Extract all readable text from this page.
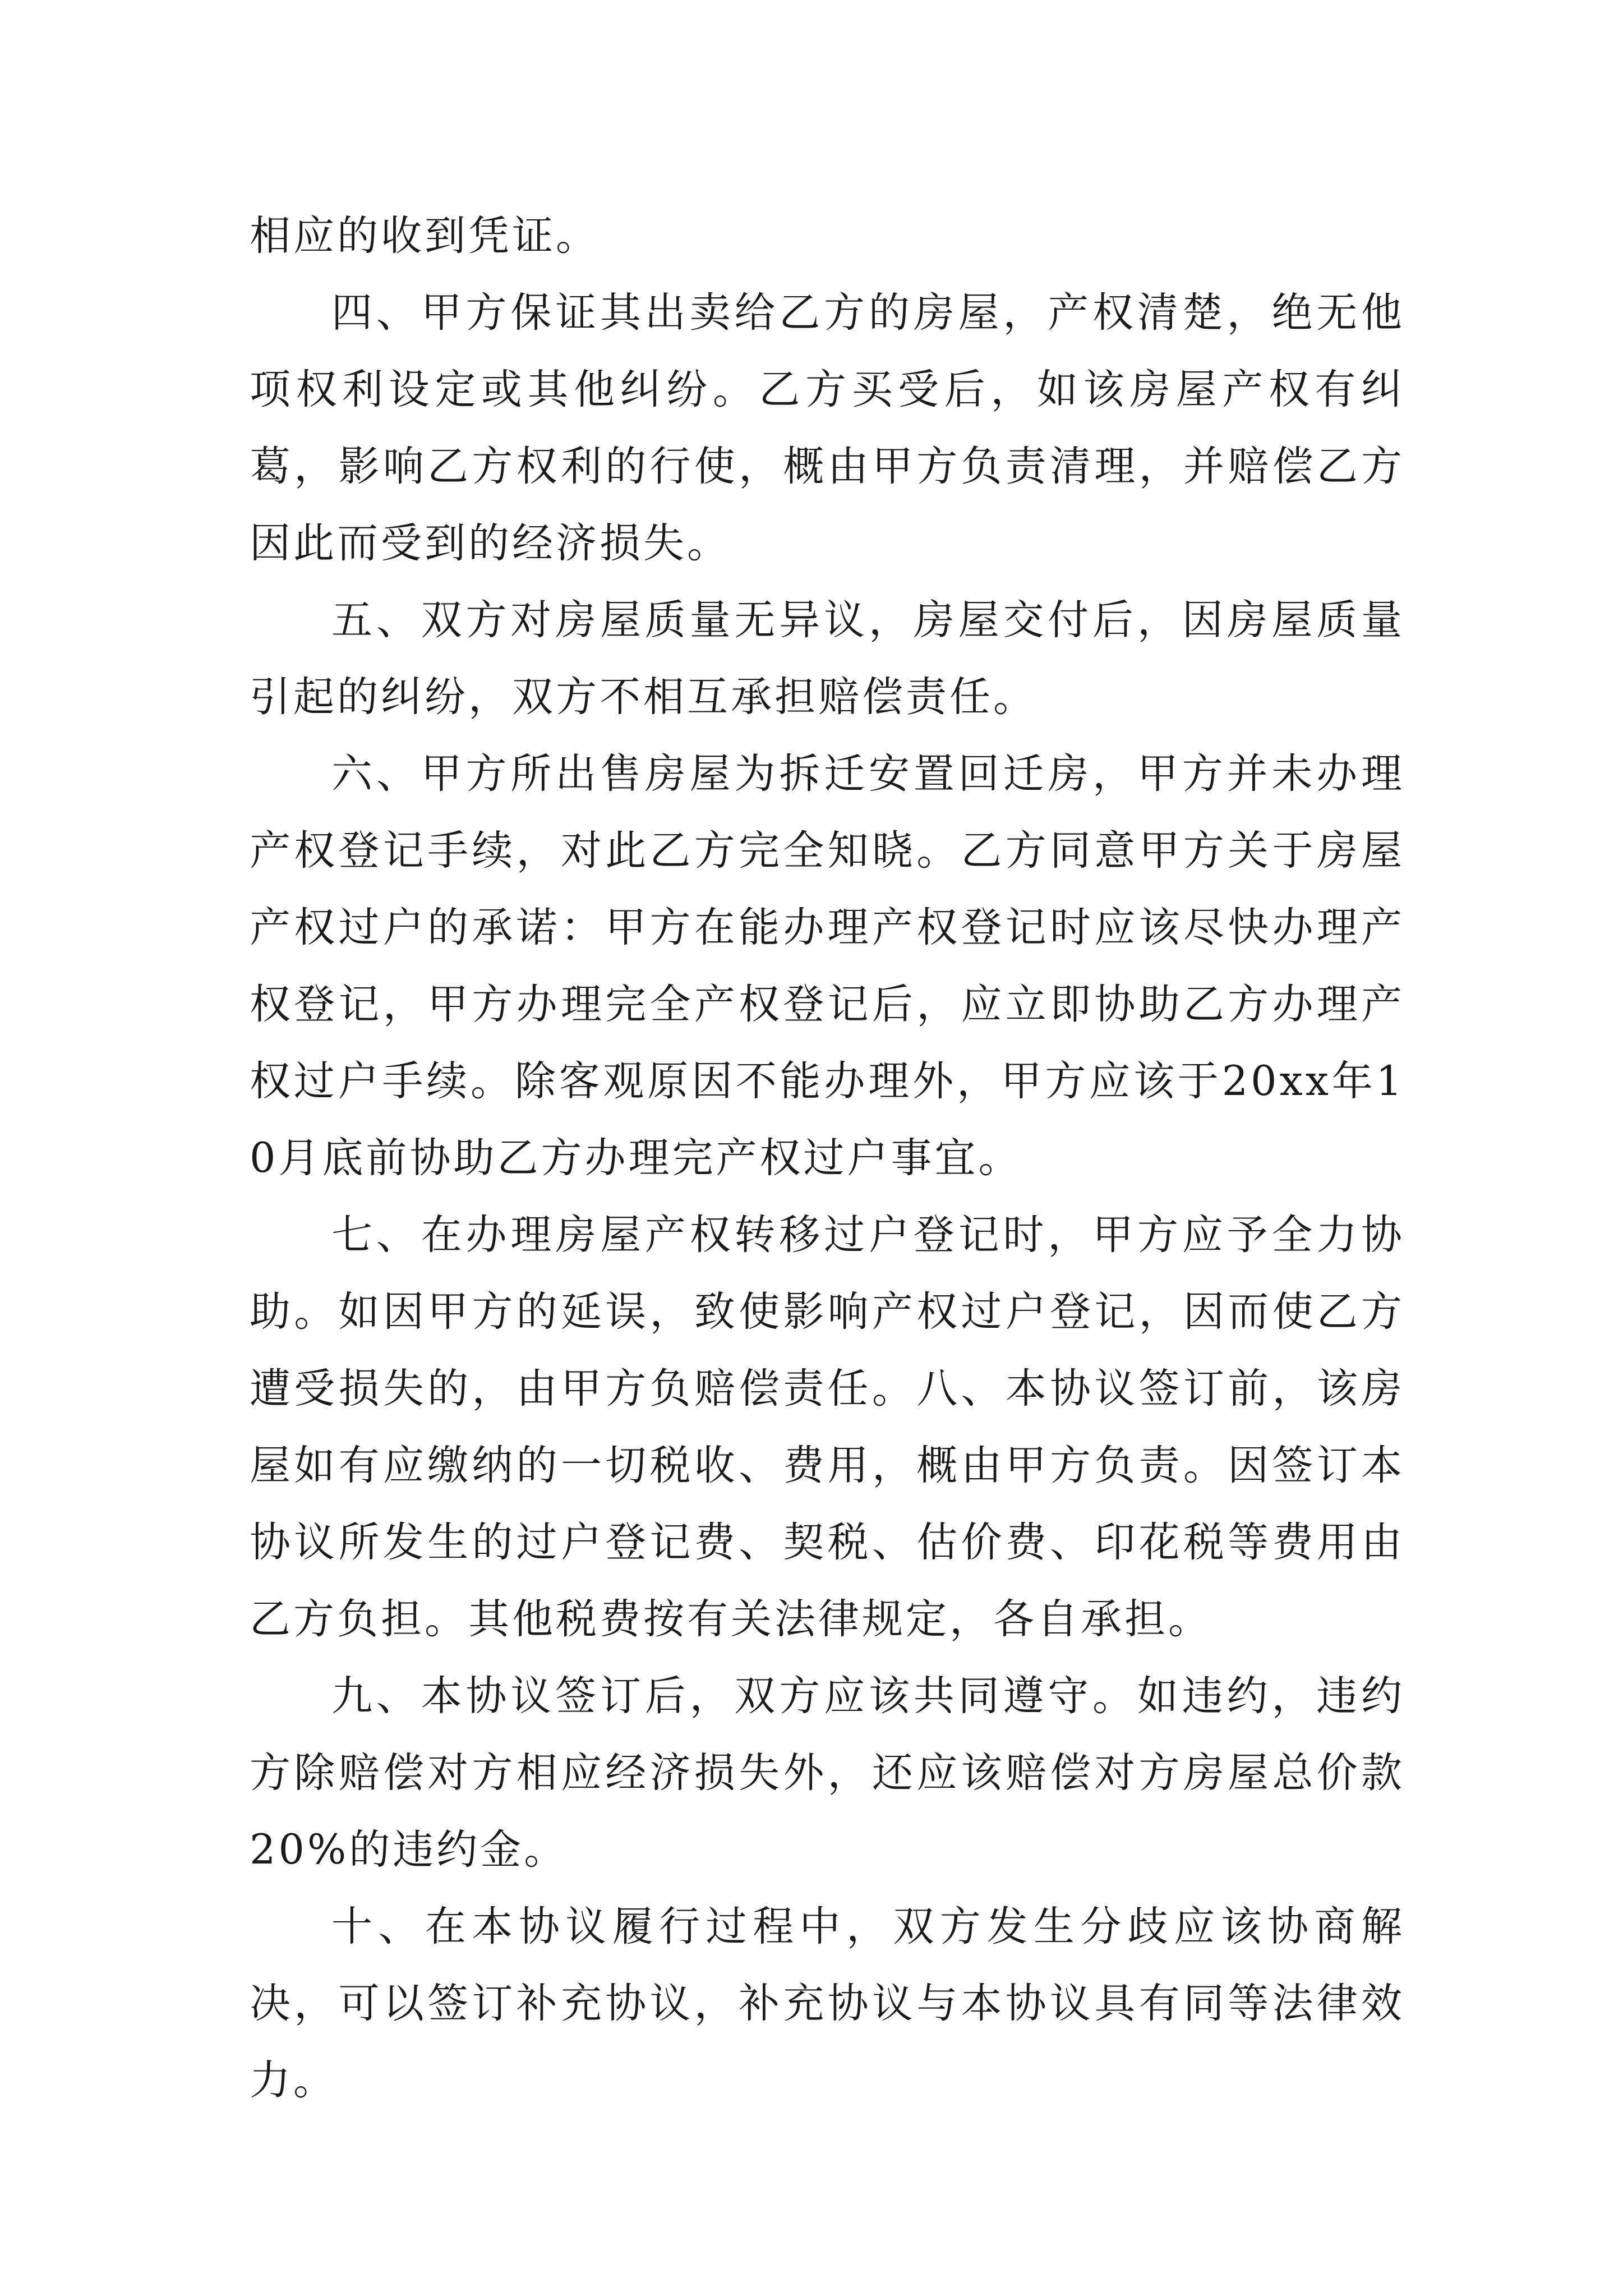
相应的收到凭证。

四、甲方保证其出卖给乙方的房屋，产权清楚，绝无他项权利设定或其他纠纷。乙方买受后，如该房屋产权有纠葛，影响乙方权利的行使，概由甲方负责清理，并赔偿乙方因此而受到的经济损失。

五、双方对房屋质量无异议，房屋交付后，因房屋质量引起的纠纷，双方不相互承担赔偿责任。

六、甲方所出售房屋为拆迁安置回迁房，甲方并未办理产权登记手续，对此乙方完全知晓。乙方同意甲方关于房屋产权过户的承诺：甲方在能办理产权登记时应该尽快办理产权登记，甲方办理完全产权登记后，应立即协助乙方办理产权过户手续。除客观原因不能办理外，甲方应该于20xx年10月底前协助乙方办理完产权过户事宜。

七、在办理房屋产权转移过户登记时，甲方应予全力协助。如因甲方的延误，致使影响产权过户登记，因而使乙方遭受损失的，由甲方负赔偿责任。八、本协议签订前，该房屋如有应缴纳的一切税收、费用，概由甲方负责。因签订本协议所发生的过户登记费、契税、估价费、印花税等费用由乙方负担。其他税费按有关法律规定，各自承担。

九、本协议签订后，双方应该共同遵守。如违约，违约方除赔偿对方相应经济损失外，还应该赔偿对方房屋总价款20%的违约金。

十、在本协议履行过程中，双方发生分歧应该协商解决，可以签订补充协议，补充协议与本协议具有同等法律效力。
